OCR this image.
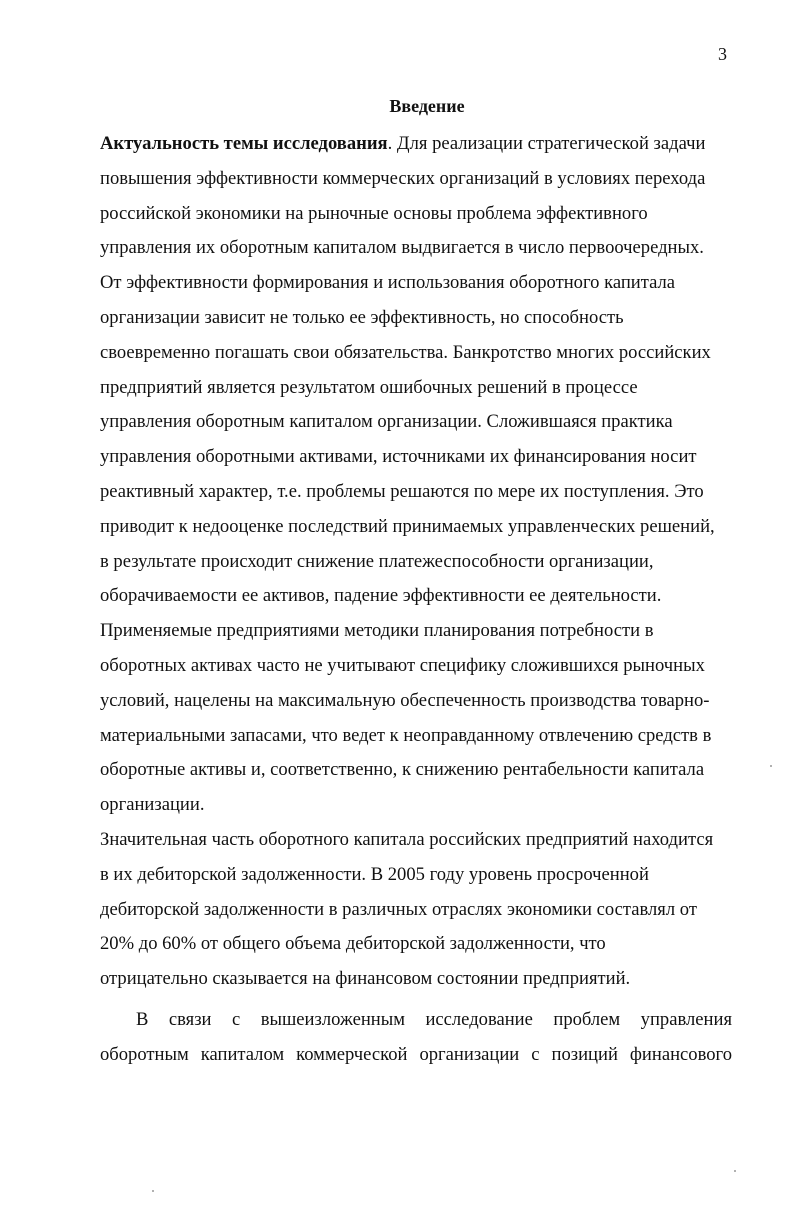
3
Введение
Актуальность темы исследования. Для реализации стратегической задачи
повышения эффективности коммерческих организаций в условиях перехода
российской экономики на рыночные основы проблема эффективного
управления их оборотным капиталом выдвигается в число первоочередных.
От эффективности формирования и использования оборотного капитала
организации зависит не только ее эффективность, но способность
своевременно погашать свои обязательства. Банкротство многих российских
предприятий является результатом ошибочных решений в процессе
управления оборотным капиталом организации. Сложившаяся практика
управления оборотными активами, источниками их финансирования носит
реактивный характер, т.е. проблемы решаются по мере их поступления. Это
приводит к недооценке последствий принимаемых управленческих решений,
в результате происходит снижение платежеспособности организации,
оборачиваемости ее активов, падение эффективности ее деятельности.
Применяемые предприятиями методики планирования потребности в
оборотных активах часто не учитывают специфику сложившихся рыночных
условий, нацелены на максимальную обеспеченность производства товарно-
материальными запасами, что ведет к неоправданному отвлечению средств в
оборотные активы и, соответственно, к снижению рентабельности капитала
организации.
Значительная часть оборотного капитала российских предприятий находится
в их дебиторской задолженности. В 2005 году уровень просроченной
дебиторской задолженности в различных отраслях экономики составлял от
20% до 60% от общего объема дебиторской задолженности, что
отрицательно сказывается на финансовом состоянии предприятий.
В связи с вышеизложенным исследование проблем управления
оборотным капиталом коммерческой организации с позиций финансового
